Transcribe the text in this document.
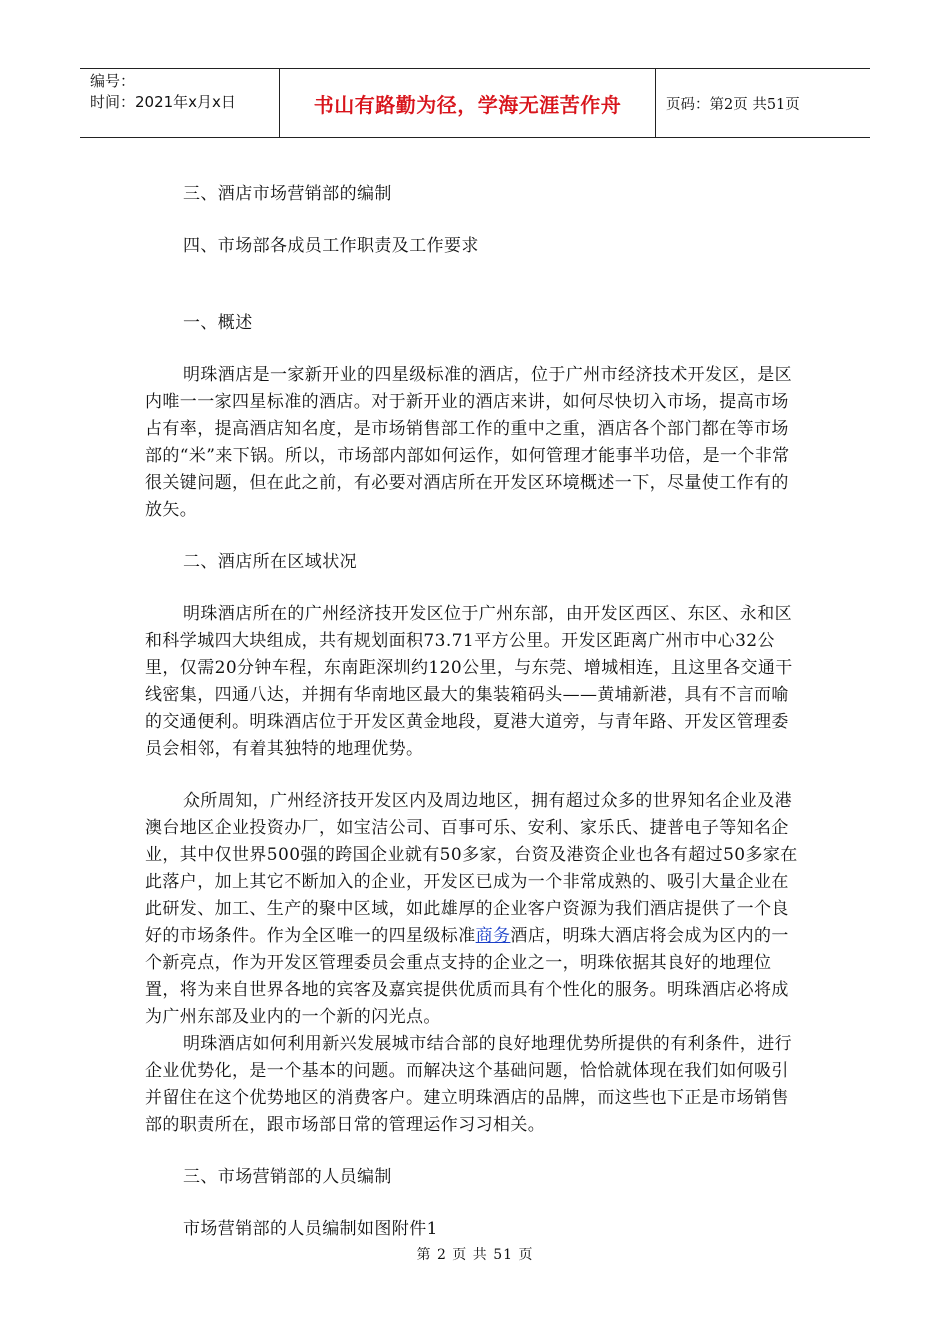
编号：
时间：2021年x月x日	书山有路勤为径，学海无涯苦作舟	页码：第2页 共51页

三、酒店市场营销部的编制

四、市场部各成员工作职责及工作要求

一、概述

明珠酒店是一家新开业的四星级标准的酒店，位于广州市经济技术开发区，是区内唯一一家四星标准的酒店。对于新开业的酒店来讲，如何尽快切入市场，提高市场占有率，提高酒店知名度，是市场销售部工作的重中之重，酒店各个部门都在等市场部的“米”来下锅。所以，市场部内部如何运作，如何管理才能事半功倍，是一个非常很关键问题，但在此之前，有必要对酒店所在开发区环境概述一下，尽量使工作有的放矢。

二、酒店所在区域状况

明珠酒店所在的广州经济技开发区位于广州东部，由开发区西区、东区、永和区和科学城四大块组成，共有规划面积73.71平方公里。开发区距离广州市中心32公里，仅需20分钟车程，东南距深圳约120公里，与东莞、增城相连，且这里各交通干线密集，四通八达，并拥有华南地区最大的集装箱码头——黄埔新港，具有不言而喻的交通便利。明珠酒店位于开发区黄金地段，夏港大道旁，与青年路、开发区管理委员会相邻，有着其独特的地理优势。

众所周知，广州经济技开发区内及周边地区，拥有超过众多的世界知名企业及港澳台地区企业投资办厂，如宝洁公司、百事可乐、安利、家乐氏、捷普电子等知名企业，其中仅世界500强的跨国企业就有50多家，台资及港资企业也各有超过50多家在此落户，加上其它不断加入的企业，开发区已成为一个非常成熟的、吸引大量企业在此研发、加工、生产的聚中区域，如此雄厚的企业客户资源为我们酒店提供了一个良好的市场条件。作为全区唯一的四星级标准商务酒店，明珠大酒店将会成为区内的一个新亮点，作为开发区管理委员会重点支持的企业之一，明珠依据其良好的地理位置，将为来自世界各地的宾客及嘉宾提供优质而具有个性化的服务。明珠酒店必将成为广州东部及业内的一个新的闪光点。

明珠酒店如何利用新兴发展城市结合部的良好地理优势所提供的有利条件，进行企业优势化，是一个基本的问题。而解决这个基础问题，恰恰就体现在我们如何吸引并留住在这个优势地区的消费客户。建立明珠酒店的品牌，而这些也下正是市场销售部的职责所在，跟市场部日常的管理运作习习相关。

三、市场营销部的人员编制

市场营销部的人员编制如图附件1

第 2 页 共 51 页
